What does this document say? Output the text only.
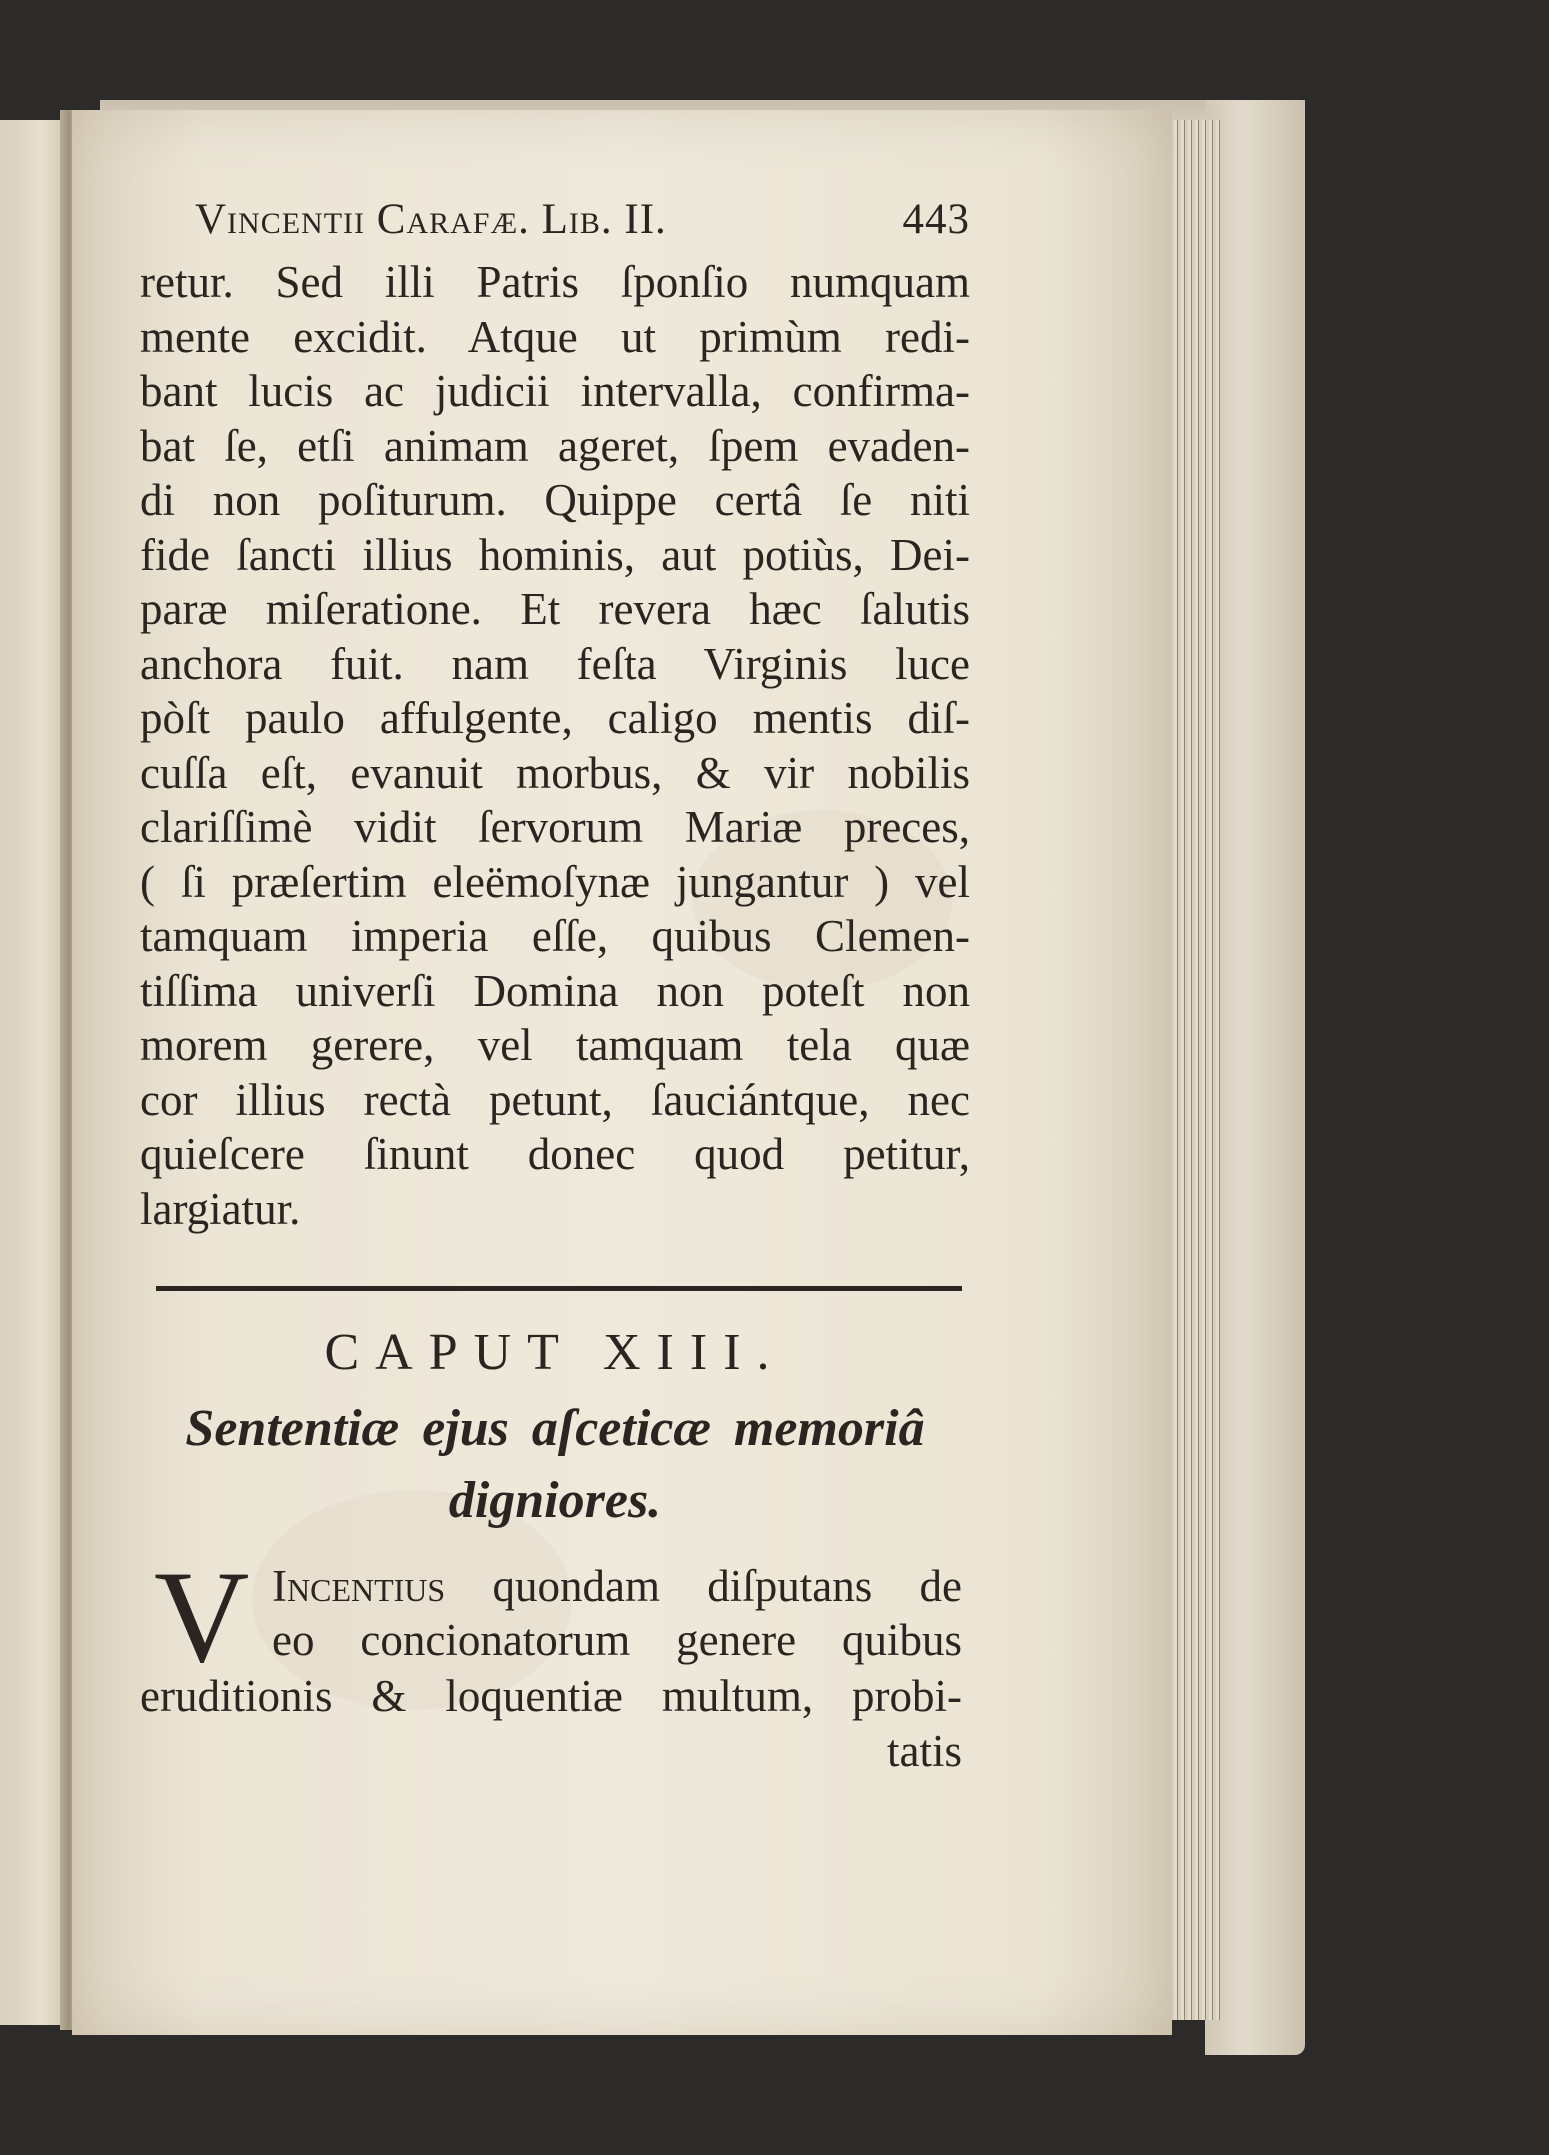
Vincentii Carafæ. Lib. II.	443
retur. Sed illi Patris ſponſio numquam
mente excidit. Atque ut primùm redi-
bant lucis ac judicii intervalla, confirma-
bat ſe, etſi animam ageret, ſpem evaden-
di non poſiturum. Quippe certâ ſe niti
fide ſancti illius hominis, aut potiùs, Dei-
paræ miſeratione. Et revera hæc ſalutis
anchora fuit. nam feſta Virginis luce
pòſt paulo affulgente, caligo mentis diſ-
cuſſa eſt, evanuit morbus, & vir nobilis
clariſſimè vidit ſervorum Mariæ preces,
( ſi præſertim eleëmoſynæ jungantur ) vel
tamquam imperia eſſe, quibus Clemen-
tiſſima univerſi Domina non poteſt non
morem gerere, vel tamquam tela quæ
cor illius rectà petunt, ſauciántque, nec
quieſcere ſinunt donec quod petitur,
largiatur.
CAPUT XIII.
Sententiæ ejus aſceticæ memoriâ
digniores.
V Incentius quondam diſputans de
eo concionatorum genere quibus
eruditionis & loquentiæ multum, probi-
tatis
